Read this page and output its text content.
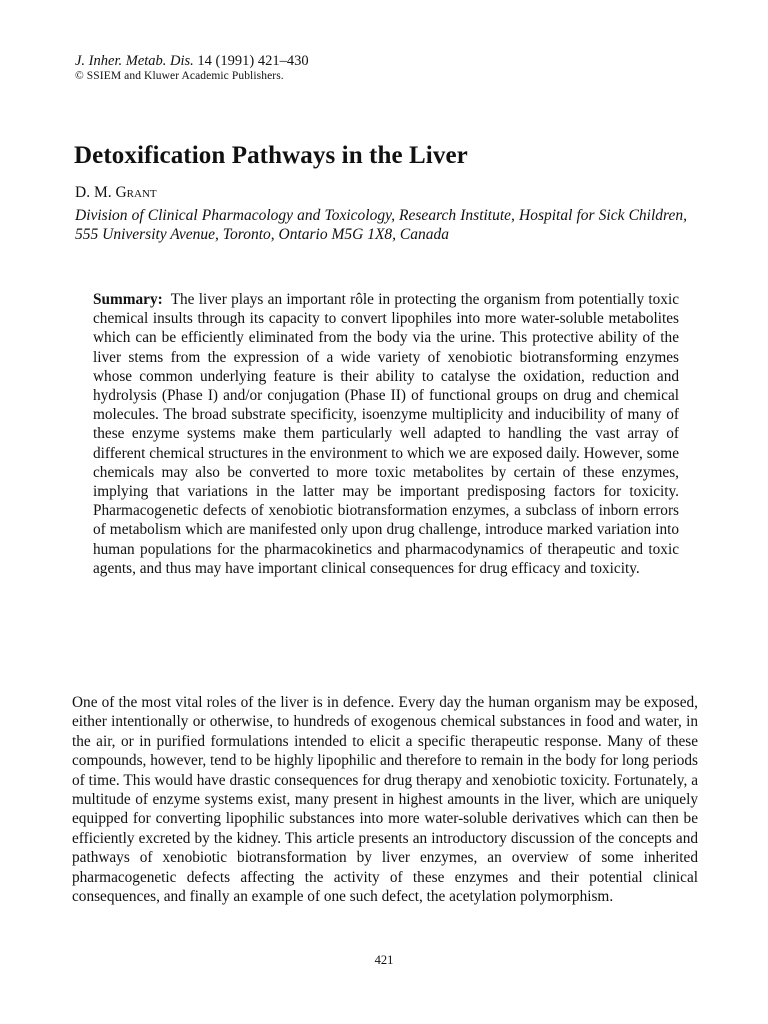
J. Inher. Metab. Dis. 14 (1991) 421–430
© SSIEM and Kluwer Academic Publishers.
Detoxification Pathways in the Liver
D. M. Grant
Division of Clinical Pharmacology and Toxicology, Research Institute, Hospital for Sick Children, 555 University Avenue, Toronto, Ontario M5G 1X8, Canada
Summary: The liver plays an important rôle in protecting the organism from potentially toxic chemical insults through its capacity to convert lipophiles into more water-soluble metabolites which can be efficiently eliminated from the body via the urine. This protective ability of the liver stems from the expression of a wide variety of xenobiotic biotransforming enzymes whose common underlying feature is their ability to catalyse the oxidation, reduction and hydrolysis (Phase I) and/or conjugation (Phase II) of functional groups on drug and chemical molecules. The broad substrate specificity, isoenzyme multiplicity and inducibility of many of these enzyme systems make them particularly well adapted to handling the vast array of different chemical structures in the environment to which we are exposed daily. However, some chemicals may also be converted to more toxic metabolites by certain of these enzymes, implying that variations in the latter may be important predisposing factors for toxicity. Pharmacogenetic defects of xenobiotic biotransformation enzymes, a subclass of inborn errors of metabolism which are manifested only upon drug challenge, introduce marked variation into human populations for the pharmacokinetics and pharmacodynamics of therapeutic and toxic agents, and thus may have important clinical consequences for drug efficacy and toxicity.
One of the most vital roles of the liver is in defence. Every day the human organism may be exposed, either intentionally or otherwise, to hundreds of exogenous chemical substances in food and water, in the air, or in purified formulations intended to elicit a specific therapeutic response. Many of these compounds, however, tend to be highly lipophilic and therefore to remain in the body for long periods of time. This would have drastic consequences for drug therapy and xenobiotic toxicity. Fortunately, a multitude of enzyme systems exist, many present in highest amounts in the liver, which are uniquely equipped for converting lipophilic substances into more water-soluble derivatives which can then be efficiently excreted by the kidney. This article presents an introductory discussion of the concepts and pathways of xenobiotic biotransformation by liver enzymes, an overview of some inherited pharmacogenetic defects affecting the activity of these enzymes and their potential clinical consequences, and finally an example of one such defect, the acetylation polymorphism.
421
